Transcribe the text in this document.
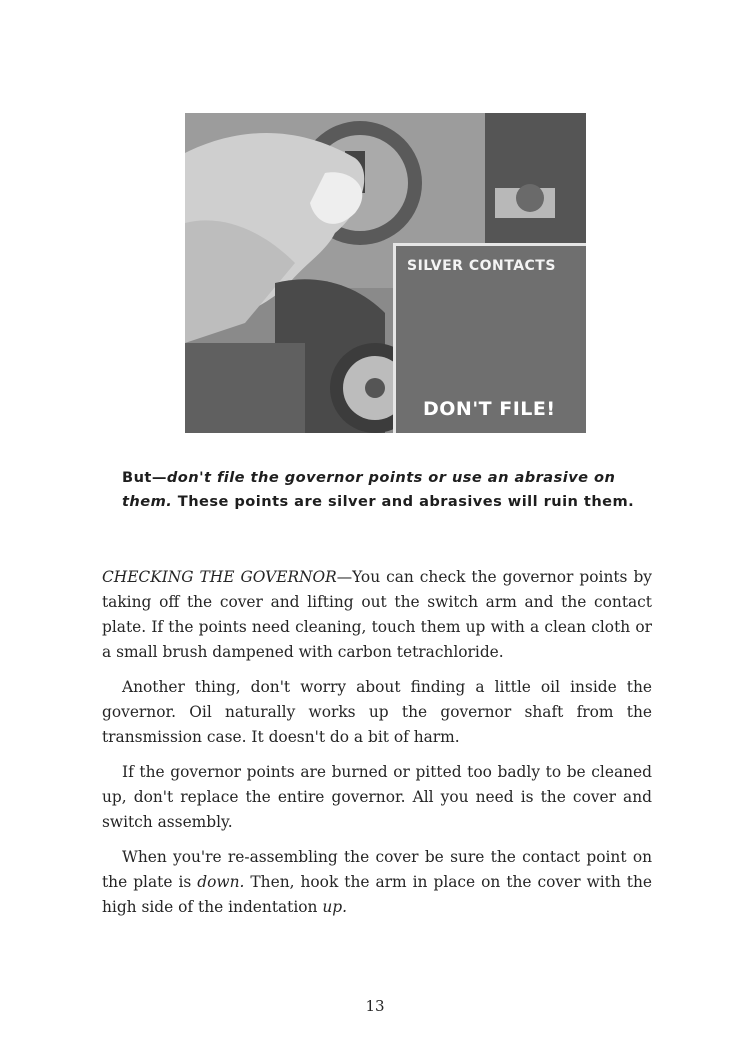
SILVER CONTACTS
DON'T FILE!
But—don't file the governor points or use an abrasive on them. These points are silver and abrasives will ruin them.

CHECKING THE GOVERNOR—You can check the governor points by taking off the cover and lifting out the switch arm and the contact plate. If the points need cleaning, touch them up with a clean cloth or a small brush dampened with carbon tetrachloride.

Another thing, don't worry about finding a little oil inside the governor. Oil naturally works up the governor shaft from the transmission case. It doesn't do a bit of harm.

If the governor points are burned or pitted too badly to be cleaned up, don't replace the entire governor. All you need is the cover and switch assembly.

When you're re-assembling the cover be sure the contact point on the plate is down. Then, hook the arm in place on the cover with the high side of the indentation up.

13
